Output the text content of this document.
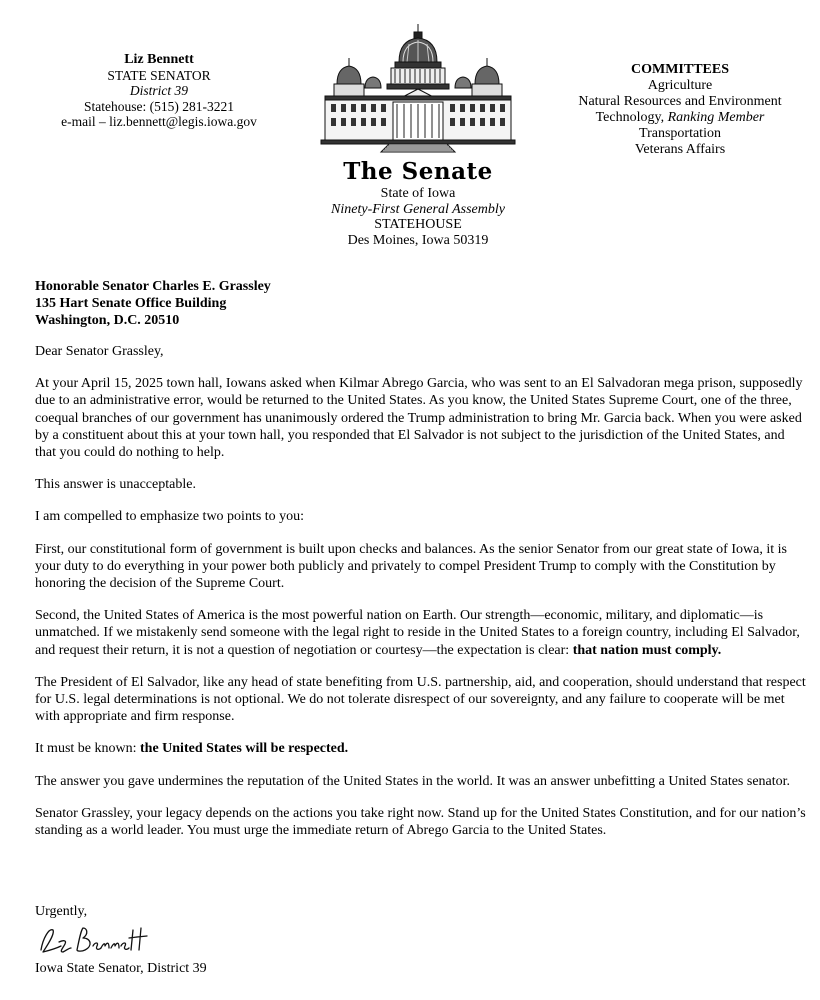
Liz Bennett
STATE SENATOR
District 39
Statehouse: (515) 281-3221
e-mail – liz.bennett@legis.iowa.gov
The Senate
State of Iowa
Ninety-First General Assembly
STATEHOUSE
Des Moines, Iowa 50319
COMMITTEES
Agriculture
Natural Resources and Environment
Technology, Ranking Member
Transportation
Veterans Affairs
Honorable Senator Charles E. Grassley
135 Hart Senate Office Building
Washington, D.C. 20510

Dear Senator Grassley,

At your April 15, 2025 town hall, Iowans asked when Kilmar Abrego Garcia, who was sent to an El Salvadoran mega prison, supposedly due to an administrative error, would be returned to the United States. As you know, the United States Supreme Court, one of the three, coequal branches of our government has unanimously ordered the Trump administration to bring Mr. Garcia back. When you were asked by a constituent about this at your town hall, you responded that El Salvador is not subject to the jurisdiction of the United States, and that you could do nothing to help.

This answer is unacceptable.

I am compelled to emphasize two points to you:

First, our constitutional form of government is built upon checks and balances. As the senior Senator from our great state of Iowa, it is your duty to do everything in your power both publicly and privately to compel President Trump to comply with the Constitution by honoring the decision of the Supreme Court.

Second, the United States of America is the most powerful nation on Earth. Our strength—economic, military, and diplomatic—is unmatched. If we mistakenly send someone with the legal right to reside in the United States to a foreign country, including El Salvador, and request their return, it is not a question of negotiation or courtesy—the expectation is clear: that nation must comply.

The President of El Salvador, like any head of state benefiting from U.S. partnership, aid, and cooperation, should understand that respect for U.S. legal determinations is not optional. We do not tolerate disrespect of our sovereignty, and any failure to cooperate will be met with appropriate and firm response.

It must be known: the United States will be respected.

The answer you gave undermines the reputation of the United States in the world. It was an answer unbefitting a United States senator.

Senator Grassley, your legacy depends on the actions you take right now. Stand up for the United States Constitution, and for our nation’s standing as a world leader. You must urge the immediate return of Abrego Garcia to the United States.

Urgently,
Iowa State Senator, District 39
